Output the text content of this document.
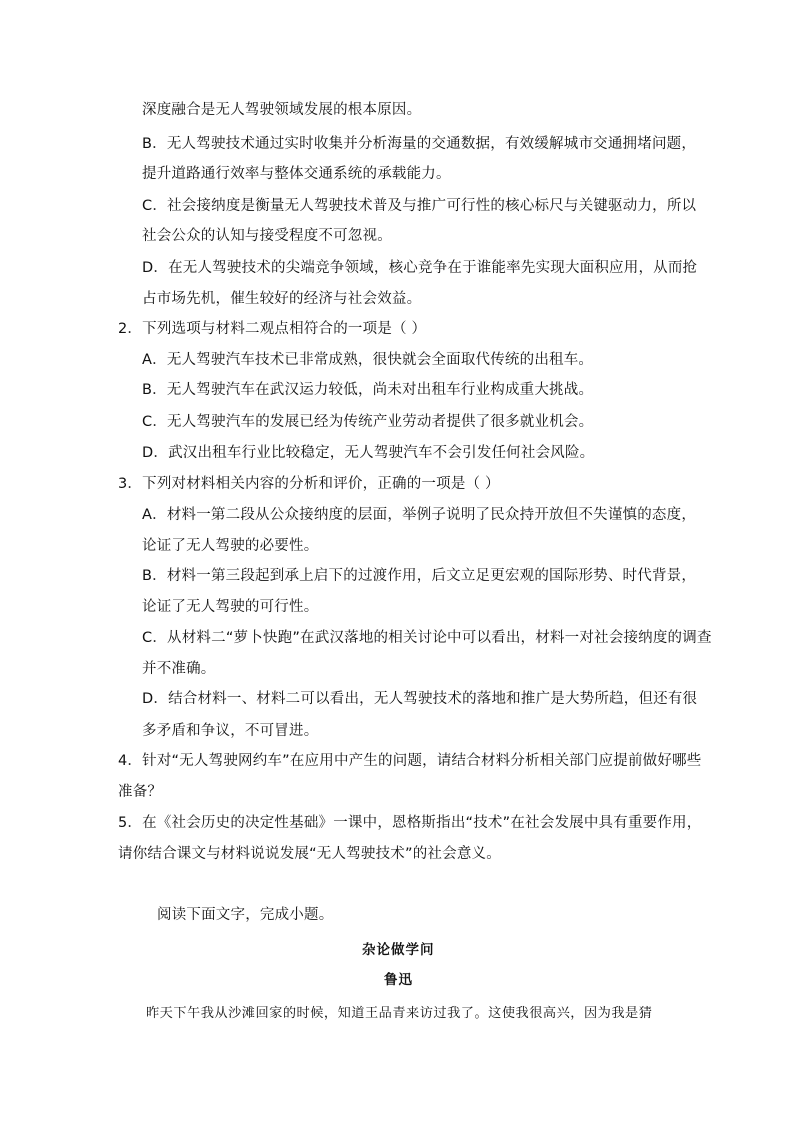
深度融合是无人驾驶领域发展的根本原因。
B．无人驾驶技术通过实时收集并分析海量的交通数据，有效缓解城市交通拥堵问题，
提升道路通行效率与整体交通系统的承载能力。
C．社会接纳度是衡量无人驾驶技术普及与推广可行性的核心标尺与关键驱动力，所以
社会公众的认知与接受程度不可忽视。
D．在无人驾驶技术的尖端竞争领域，核心竞争在于谁能率先实现大面积应用，从而抢
占市场先机，催生较好的经济与社会效益。
2．下列选项与材料二观点相符合的一项是（ ）
A．无人驾驶汽车技术已非常成熟，很快就会全面取代传统的出租车。
B．无人驾驶汽车在武汉运力较低，尚未对出租车行业构成重大挑战。
C．无人驾驶汽车的发展已经为传统产业劳动者提供了很多就业机会。
D．武汉出租车行业比较稳定，无人驾驶汽车不会引发任何社会风险。
3．下列对材料相关内容的分析和评价，正确的一项是（ ）
A．材料一第二段从公众接纳度的层面，举例子说明了民众持开放但不失谨慎的态度，
论证了无人驾驶的必要性。
B．材料一第三段起到承上启下的过渡作用，后文立足更宏观的国际形势、时代背景，
论证了无人驾驶的可行性。
C．从材料二“萝卜快跑”在武汉落地的相关讨论中可以看出，材料一对社会接纳度的调查
并不准确。
D．结合材料一、材料二可以看出，无人驾驶技术的落地和推广是大势所趋，但还有很
多矛盾和争议，不可冒进。
4．针对“无人驾驶网约车”在应用中产生的问题，请结合材料分析相关部门应提前做好哪些
准备？
5．在《社会历史的决定性基础》一课中，恩格斯指出“技术”在社会发展中具有重要作用，
请你结合课文与材料说说发展“无人驾驶技术”的社会意义。
阅读下面文字，完成小题。
杂论做学问
鲁迅
昨天下午我从沙滩回家的时候，知道王品青来访过我了。这使我很高兴，因为我是猜
